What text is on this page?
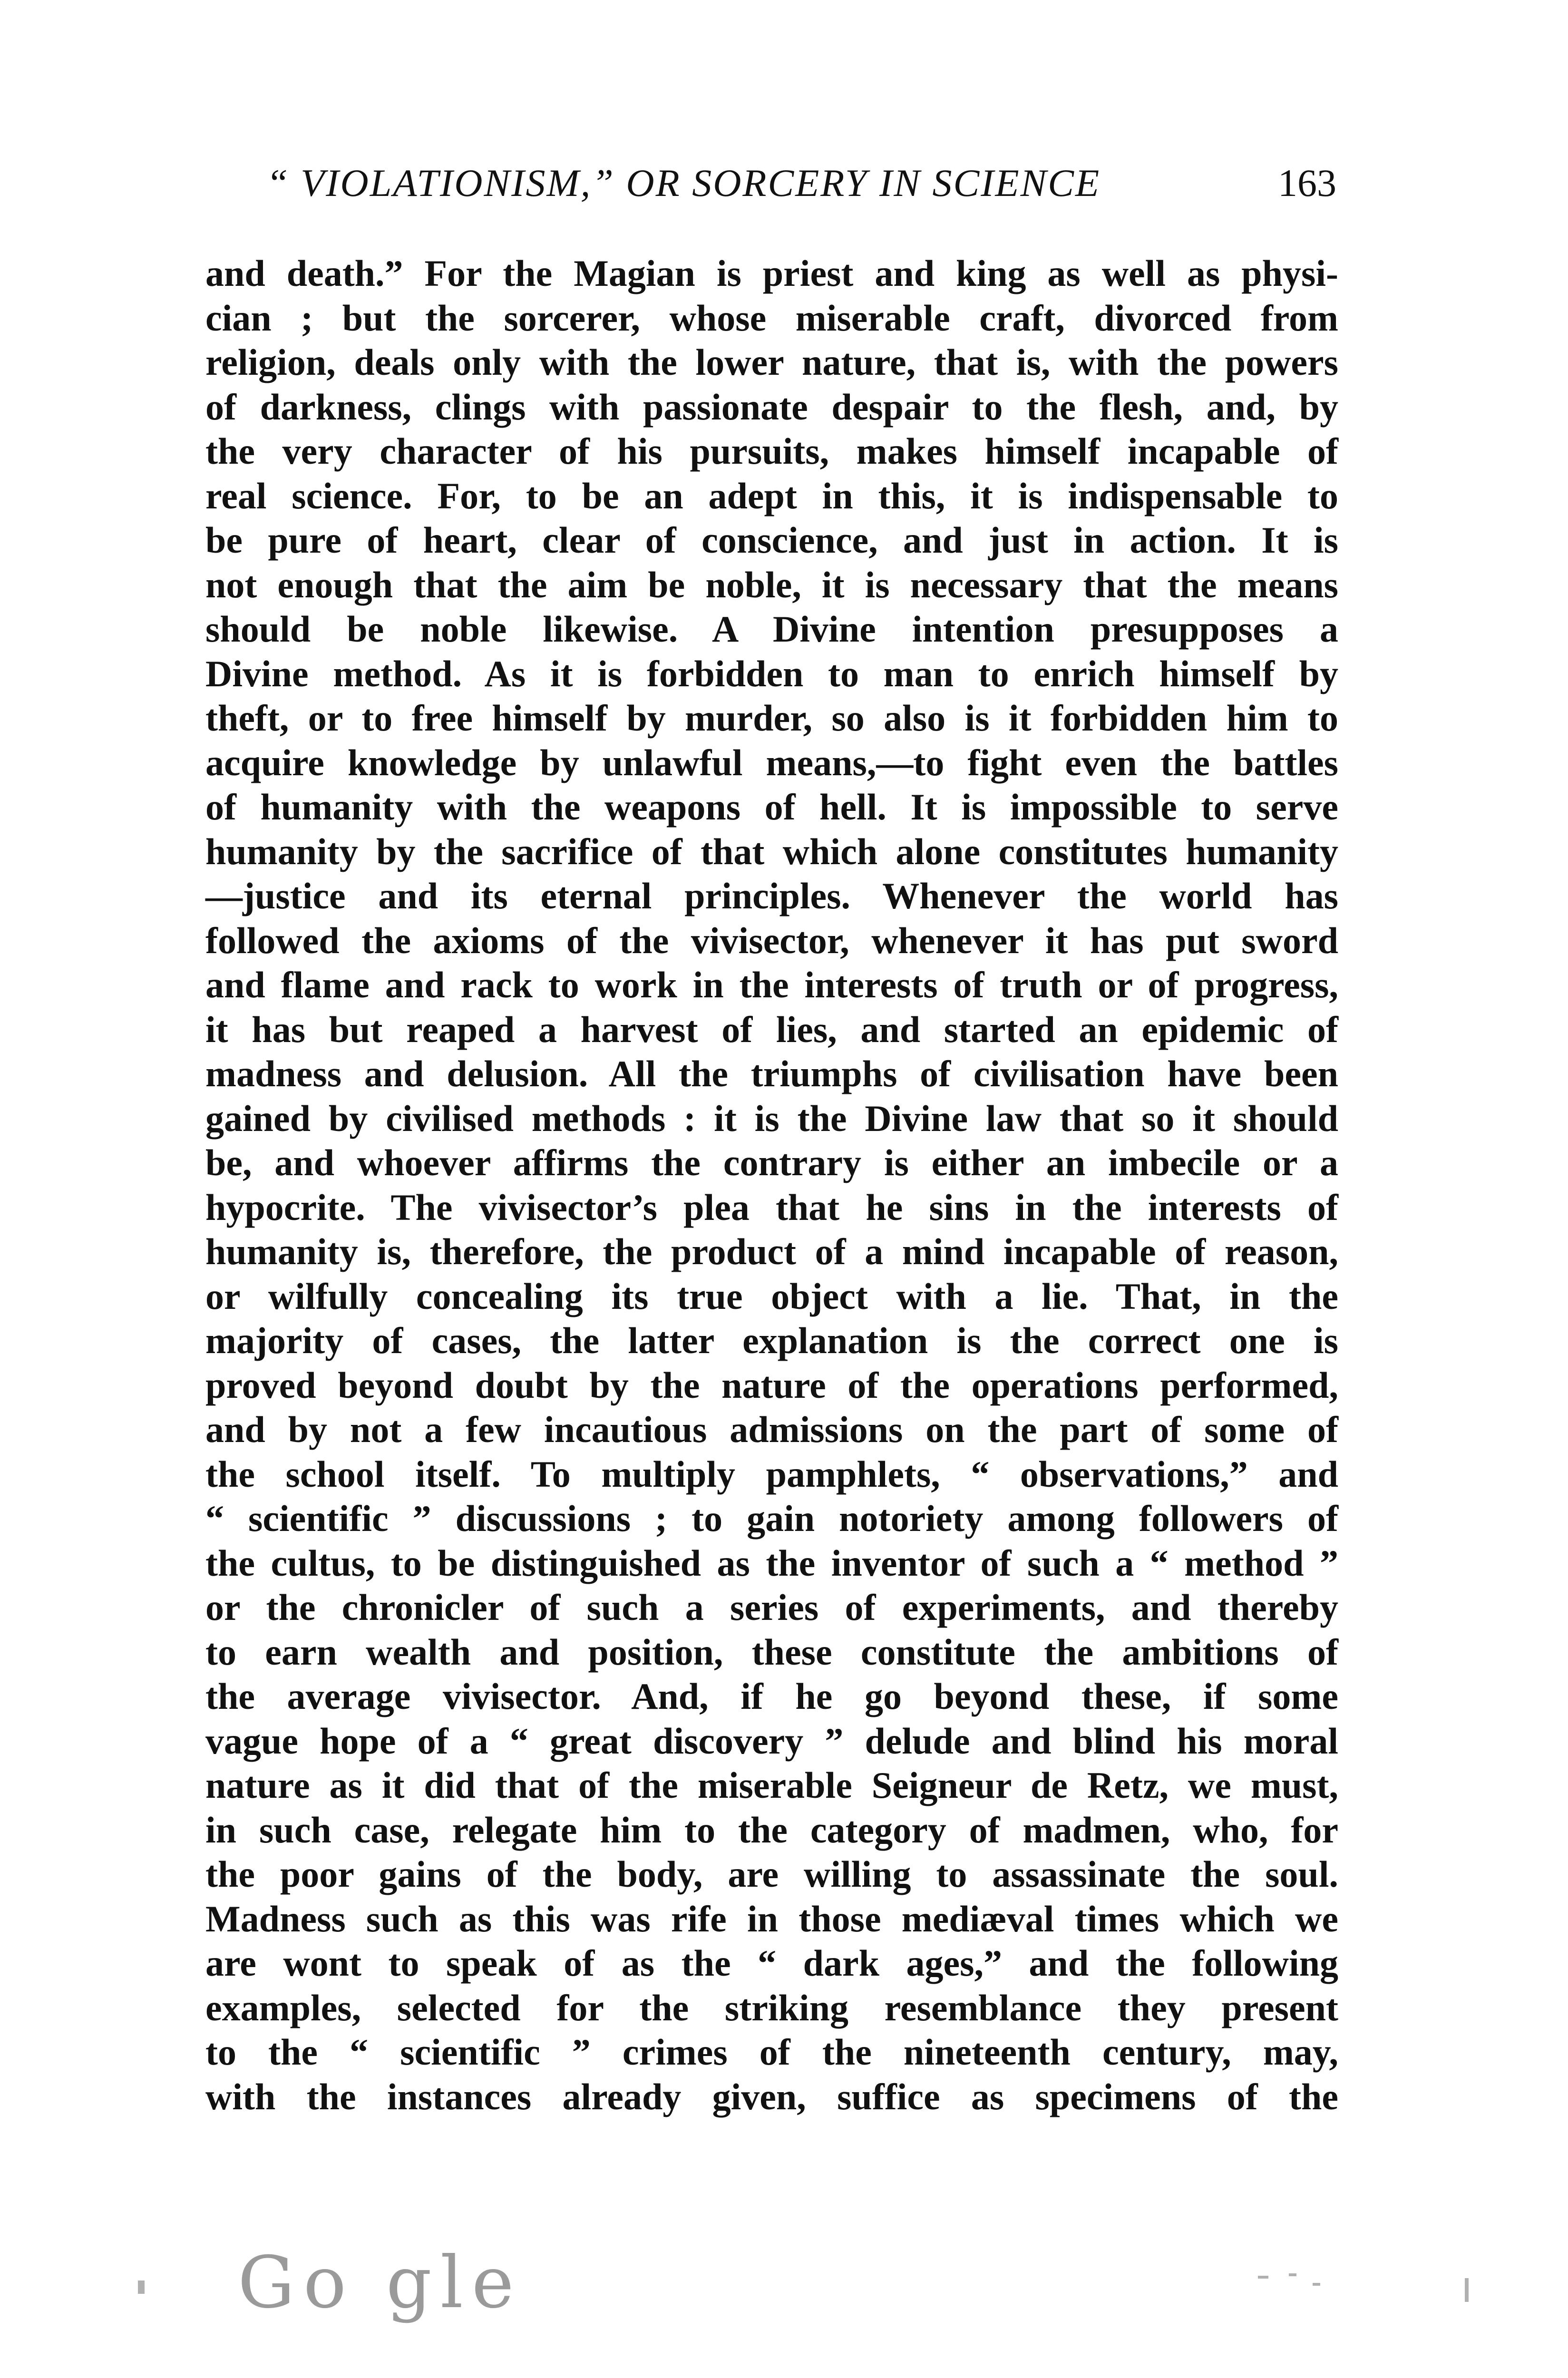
“ VIOLATIONISM,” OR SORCERY IN SCIENCE	163
and death.” For the Magian is priest and king as well as physi-
cian ; but the sorcerer, whose miserable craft, divorced from
religion, deals only with the lower nature, that is, with the powers
of darkness, clings with passionate despair to the flesh, and, by
the very character of his pursuits, makes himself incapable of
real science. For, to be an adept in this, it is indispensable to
be pure of heart, clear of conscience, and just in action. It is
not enough that the aim be noble, it is necessary that the means
should be noble likewise. A Divine intention presupposes a
Divine method. As it is forbidden to man to enrich himself by
theft, or to free himself by murder, so also is it forbidden him to
acquire knowledge by unlawful means,—to fight even the battles
of humanity with the weapons of hell. It is impossible to serve
humanity by the sacrifice of that which alone constitutes humanity
—justice and its eternal principles. Whenever the world has
followed the axioms of the vivisector, whenever it has put sword
and flame and rack to work in the interests of truth or of progress,
it has but reaped a harvest of lies, and started an epidemic of
madness and delusion. All the triumphs of civilisation have been
gained by civilised methods : it is the Divine law that so it should
be, and whoever affirms the contrary is either an imbecile or a
hypocrite. The vivisector’s plea that he sins in the interests of
humanity is, therefore, the product of a mind incapable of reason,
or wilfully concealing its true object with a lie. That, in the
majority of cases, the latter explanation is the correct one is
proved beyond doubt by the nature of the operations performed,
and by not a few incautious admissions on the part of some of
the school itself. To multiply pamphlets, “ observations,” and
“ scientific ” discussions ; to gain notoriety among followers of
the cultus, to be distinguished as the inventor of such a “ method ”
or the chronicler of such a series of experiments, and thereby
to earn wealth and position, these constitute the ambitions of
the average vivisector. And, if he go beyond these, if some
vague hope of a “ great discovery ” delude and blind his moral
nature as it did that of the miserable Seigneur de Retz, we must,
in such case, relegate him to the category of madmen, who, for
the poor gains of the body, are willing to assassinate the soul.
Madness such as this was rife in those mediæval times which we
are wont to speak of as the “ dark ages,” and the following
examples, selected for the striking resemblance they present
to the “ scientific ” crimes of the nineteenth century, may,
with the instances already given, suffice as specimens of the
Go gle
